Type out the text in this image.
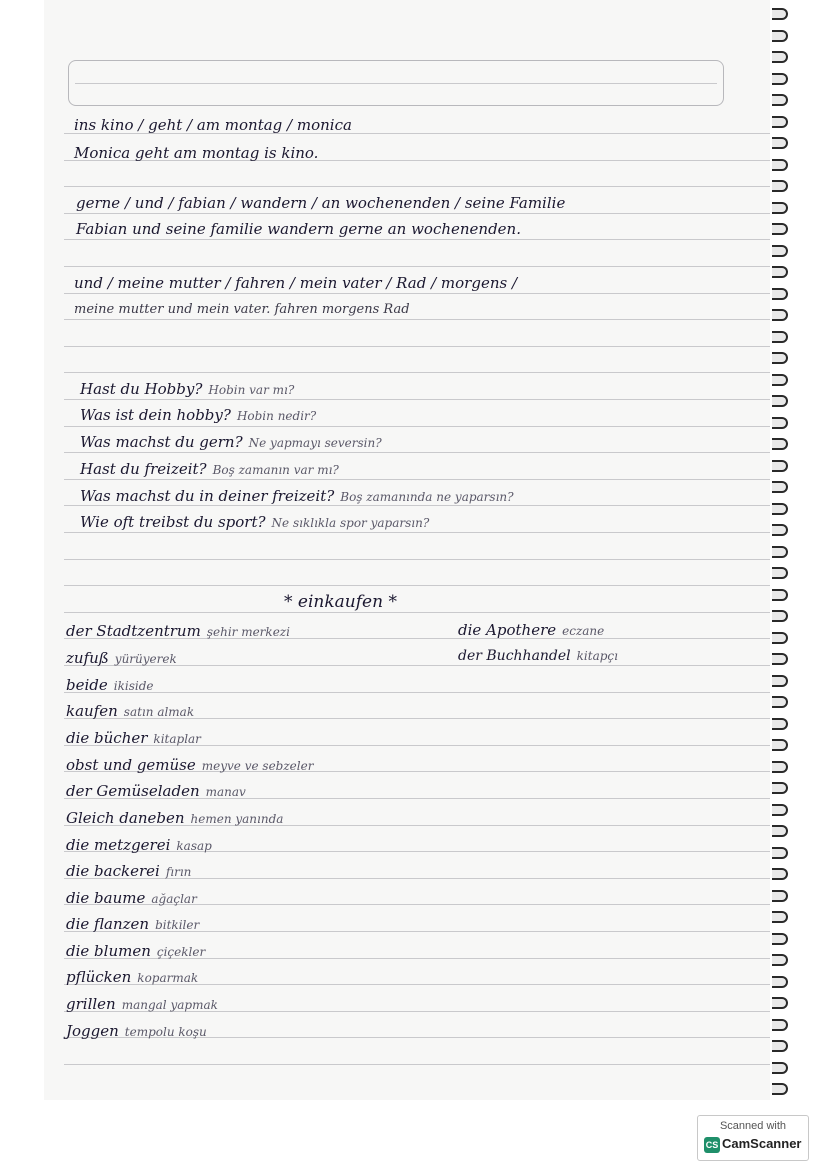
ins kino / geht / am montag / monica
Monica geht am montag is kino.
gerne / und / fabian / wandern / an wochenenden / seine Familie
Fabian und seine familie wandern gerne an wochenenden.
und / meine mutter / fahren / mein vater / Rad / morgens /
meine mutter und mein vater. fahren morgens Rad
Hast du Hobby? Hobin var mı?
Was ist dein hobby? Hobin nedir?
Was machst du gern? Ne yapmayı seversin?
Hast du freizeit? Boş zamanın var mı?
Was machst du in deiner freizeit? Boş zamanında ne yaparsın?
Wie oft treibst du sport? Ne sıklıkla spor yaparsın?
* einkaufen *
der Stadtzentrum şehir merkezi
zufuß yürüyerek
beide ikiside
kaufen satın almak
die bücher kitaplar
obst und gemüse meyve ve sebzeler
der Gemüseladen manav
Gleich daneben hemen yanında
die metzgerei kasap
die backerei fırın
die baume ağaçlar
die flanzen bitkiler
die blumen çiçekler
pflücken koparmak
grillen mangal yapmak
Joggen tempolu koşu
die Apothere eczane
der Buchhandel kitapçı
Scanned with
CS CamScanner
